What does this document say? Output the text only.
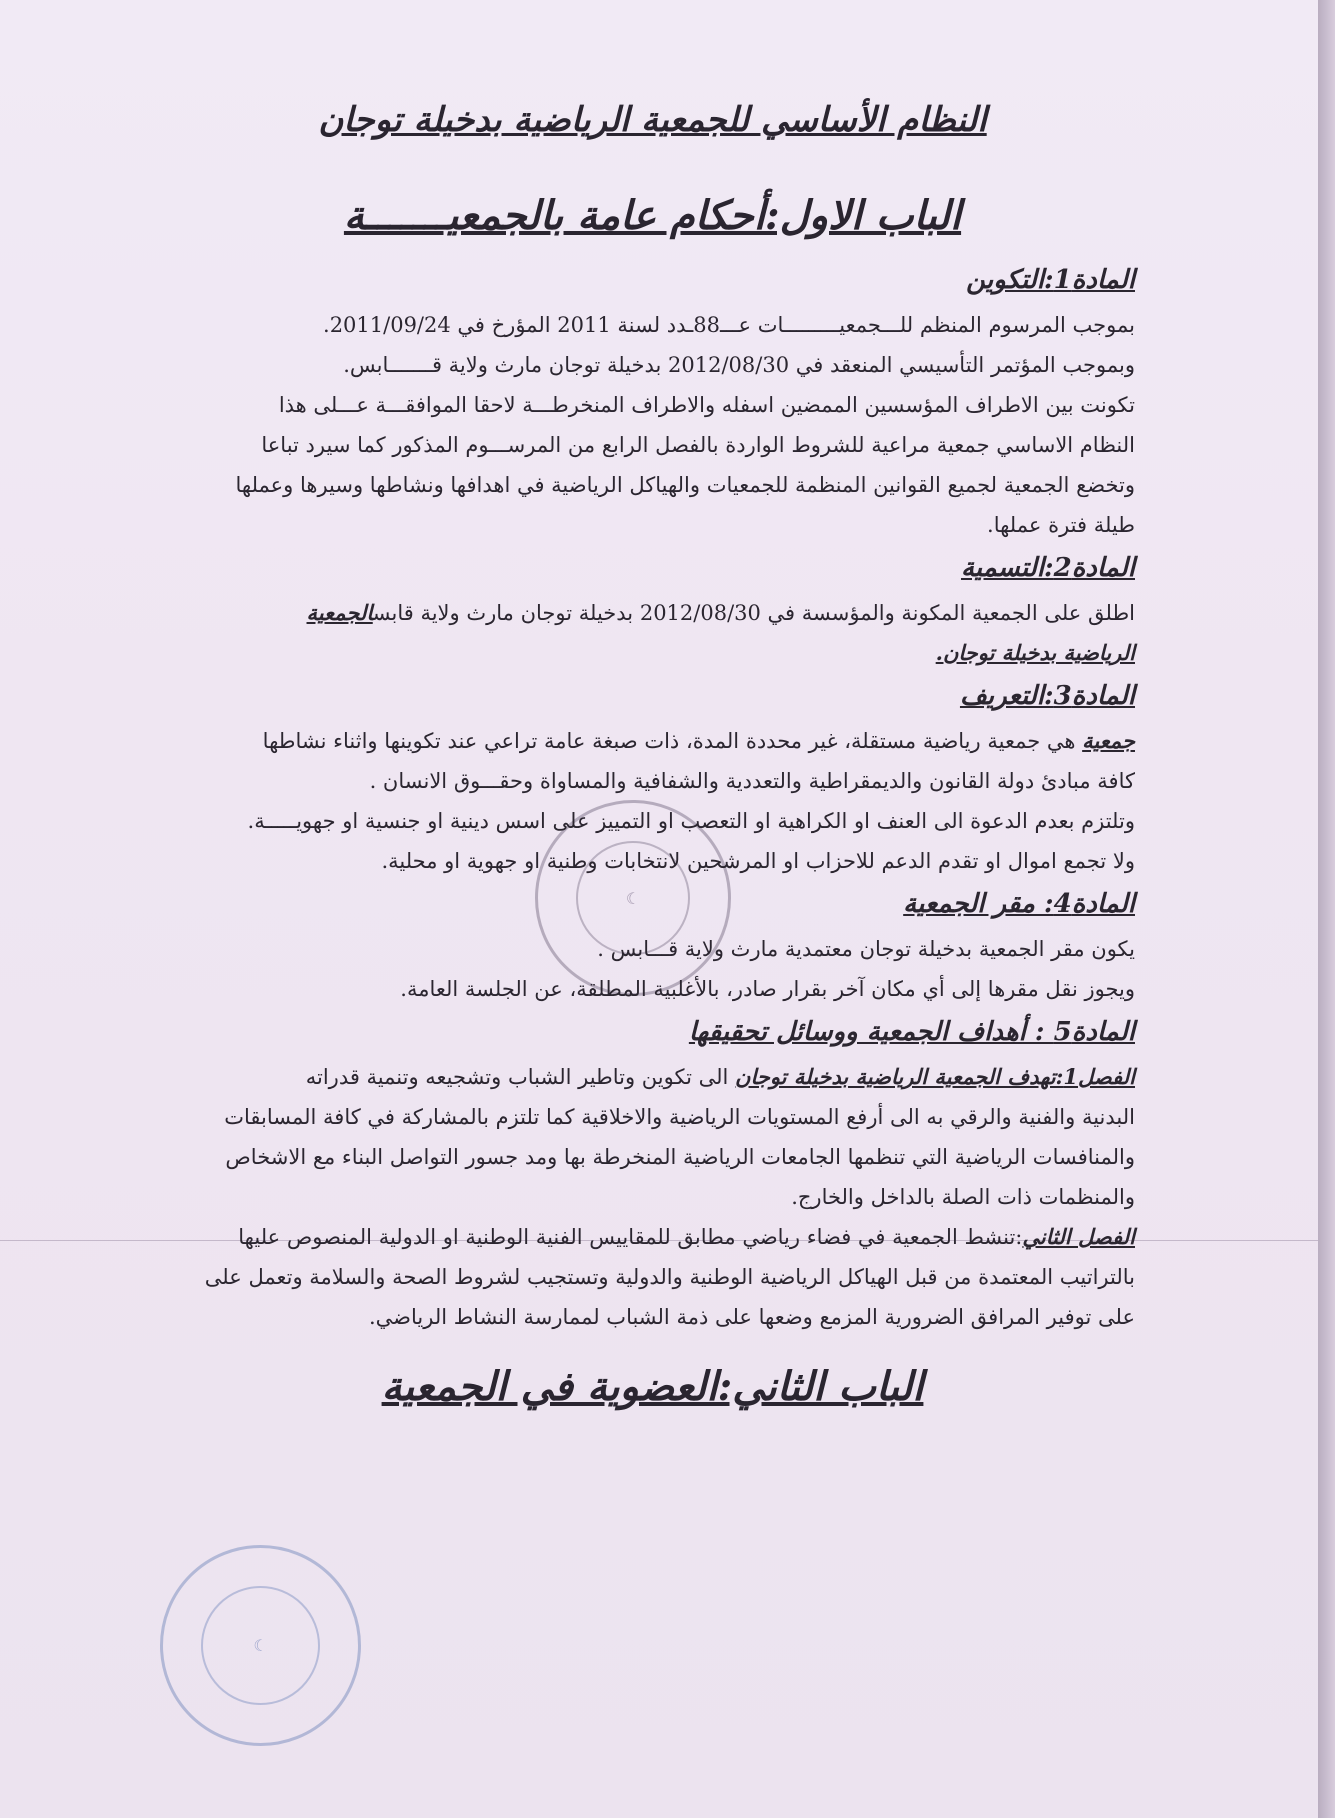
☾
☾
النظام الأساسي للجمعية الرياضية بدخيلة توجان
الباب الاول:أحكام عامة بالجمعيـــــــة
المادة1:التكوين

بموجب المرسوم المنظم للـــجمعيـــــــــات عـــ88ـدد لسنة 2011 المؤرخ في 2011/09/24.

وبموجب المؤتمر التأسيسي المنعقد في 2012/08/30 بدخيلة توجان مارث ولاية قـــــــابس.

تكونت بين الاطراف المؤسسين الممضين اسفله والاطراف المنخرطـــة لاحقا الموافقـــة عـــلى هذا

النظام الاساسي جمعية مراعية للشروط الواردة بالفصل الرابع من المرســـوم المذكور كما سيرد تباعا

وتخضع الجمعية لجميع القوانين المنظمة للجمعيات والهياكل الرياضية في اهدافها ونشاطها وسيرها وعملها

طيلة فترة عملها.

المادة2:التسمية

اطلق على الجمعية المكونة والمؤسسة في 2012/08/30 بدخيلة توجان مارث ولاية قابسالجمعية

الرياضية بدخيلة توجان.

المادة3:التعريف

جمعية هي جمعية رياضية مستقلة، غير محددة المدة، ذات صبغة عامة تراعي عند تكوينها واثناء نشاطها

كافة مبادئ دولة القانون والديمقراطية والتعددية والشفافية والمساواة وحقـــوق الانسان .

وتلتزم بعدم الدعوة الى العنف او الكراهية او التعصب او التمييز على اسس دينية او جنسية او جهويـــــة.

ولا تجمع اموال او تقدم الدعم للاحزاب او المرشحين لانتخابات وطنية او جهوية او محلية.

المادة4: مقر الجمعية

يكون مقر الجمعية بدخيلة توجان معتمدية مارث ولاية قـــابس .

ويجوز نقل مقرها إلى أي مكان آخر بقرار صادر، بالأغلبية المطلقة، عن الجلسة العامة.

المادة5 : أهداف الجمعية ووسائل تحقيقها

الفصل1:تهدف الجمعية الرياضية بدخيلة توجان الى تكوين وتاطير الشباب وتشجيعه وتنمية قدراته

البدنية والفنية والرقي به الى أرفع المستويات الرياضية والاخلاقية كما تلتزم بالمشاركة في كافة المسابقات

والمنافسات الرياضية التي تنظمها الجامعات الرياضية المنخرطة بها ومد جسور التواصل البناء مع الاشخاص

والمنظمات ذات الصلة بالداخل والخارج.

الفصل الثاني:تنشط الجمعية في فضاء رياضي مطابق للمقاييس الفنية الوطنية او الدولية المنصوص عليها

بالتراتيب المعتمدة من قبل الهياكل الرياضية الوطنية والدولية وتستجيب لشروط الصحة والسلامة وتعمل على

على توفير المرافق الضرورية المزمع وضعها على ذمة الشباب لممارسة النشاط الرياضي.

الباب الثاني:العضوية في الجمعية
